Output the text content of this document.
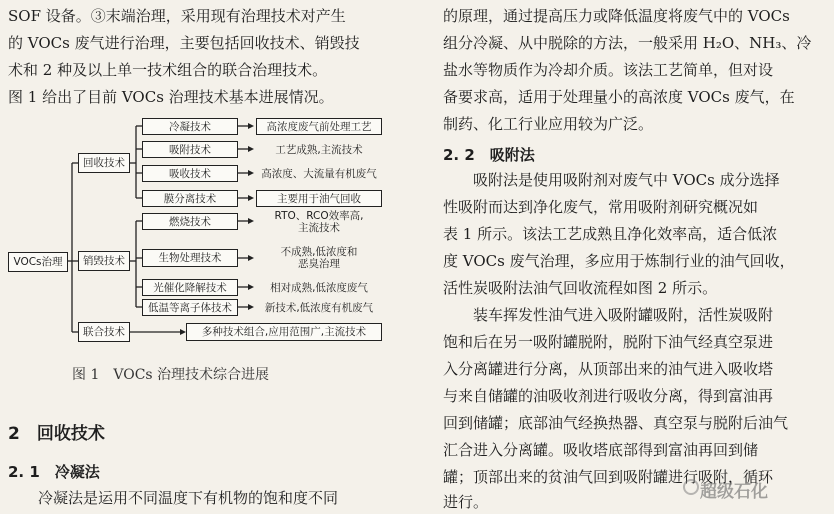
SOF 设备。③末端治理，采用现有治理技术对产生
的 VOCs 废气进行治理，主要包括回收技术、销毁技
术和 2 种及以上单一技术组合的联合治理技术。
图 1 给出了目前 VOCs 治理技术基本进展情况。
VOCs治理
回收技术
销毁技术
联合技术
冷凝技术
吸附技术
吸收技术
膜分离技术
燃烧技术
生物处理技术
光催化降解技术
低温等离子体技术
高浓度废气前处理工艺
工艺成熟,主流技术
高浓度、大流量有机废气
主要用于油气回收
RTO、RCO效率高,
主流技术
不成熟,低浓度和
恶臭治理
相对成熟,低浓度废气
新技术,低浓度有机废气
多种技术组合,应用范围广,主流技术
图 1　VOCs 治理技术综合进展
2　回收技术
2. 1　冷凝法
冷凝法是运用不同温度下有机物的饱和度不同
的原理，通过提高压力或降低温度将废气中的 VOCs
组分冷凝、从中脱除的方法，一般采用 H₂O、NH₃、冷
盐水等物质作为冷却介质。该法工艺简单，但对设
备要求高，适用于处理量小的高浓度 VOCs 废气，在
制药、化工行业应用较为广泛。
2. 2　吸附法
吸附法是使用吸附剂对废气中 VOCs 成分选择
性吸附而达到净化废气，常用吸附剂研究概况如
表 1 所示。该法工艺成熟且净化效率高，适合低浓
度 VOCs 废气治理，多应用于炼制行业的油气回收，
活性炭吸附法油气回收流程如图 2 所示。
装车挥发性油气进入吸附罐吸附，活性炭吸附
饱和后在另一吸附罐脱附，脱附下油气经真空泵进
入分离罐进行分离，从顶部出来的油气进入吸收塔
与来自储罐的油吸收剂进行吸收分离，得到富油再
回到储罐；底部油气经换热器、真空泵与脱附后油气
汇合进入分离罐。吸收塔底部得到富油再回到储
罐；顶部出来的贫油气回到吸附罐进行吸附，循环
进行。	超级石化
